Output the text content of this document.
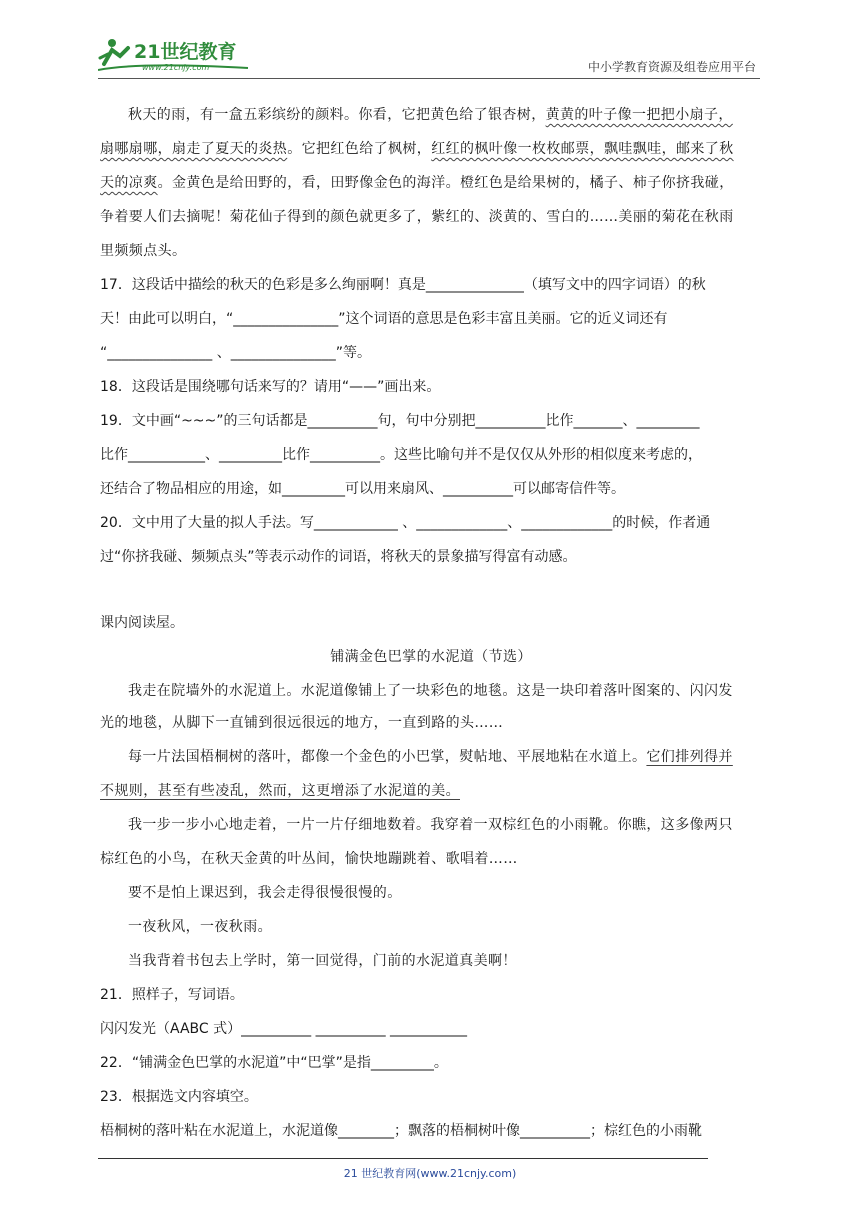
21世纪教育
www.21cnjy.com	中小学教育资源及组卷应用平台
秋天的雨，有一盒五彩缤纷的颜料。你看，它把黄色给了银杏树，黄黄的叶子像一把把小扇子，
扇哪扇哪，扇走了夏天的炎热。它把红色给了枫树，红红的枫叶像一枚枚邮票，飘哇飘哇，邮来了秋
天的凉爽。金黄色是给田野的，看，田野像金色的海洋。橙红色是给果树的，橘子、柿子你挤我碰，
争着要人们去摘呢！菊花仙子得到的颜色就更多了，紫红的、淡黄的、雪白的……美丽的菊花在秋雨
里频频点头。
17．这段话中描绘的秋天的色彩是多么绚丽啊！真是______________（填写文中的四字词语）的秋
天！由此可以明白，“_______________”这个词语的意思是色彩丰富且美丽。它的近义词还有
“_______________ 、_______________”等。
18．这段话是围绕哪句话来写的？请用“——”画出来。
19．文中画“~~~”的三句话都是__________句，句中分别把__________比作_______、_________
比作___________、_________比作__________。这些比喻句并不是仅仅从外形的相似度来考虑的，
还结合了物品相应的用途，如_________可以用来扇风、__________可以邮寄信件等。
20．文中用了大量的拟人手法。写____________ 、_____________、_____________的时候，作者通
过“你挤我碰、频频点头”等表示动作的词语，将秋天的景象描写得富有动感。
课内阅读屋。
铺满金色巴掌的水泥道（节选）
我走在院墙外的水泥道上。水泥道像铺上了一块彩色的地毯。这是一块印着落叶图案的、闪闪发
光的地毯，从脚下一直铺到很远很远的地方，一直到路的头……
每一片法国梧桐树的落叶，都像一个金色的小巴掌，熨帖地、平展地粘在水道上。它们排列得并
不规则，甚至有些凌乱，然而，这更增添了水泥道的美。
我一步一步小心地走着，一片一片仔细地数着。我穿着一双棕红色的小雨靴。你瞧，这多像两只
棕红色的小鸟，在秋天金黄的叶丛间，愉快地蹦跳着、歌唱着……
要不是怕上课迟到，我会走得很慢很慢的。
一夜秋风，一夜秋雨。
当我背着书包去上学时，第一回觉得，门前的水泥道真美啊！
21．照样子，写词语。
闪闪发光（AABC 式）__________ __________ ___________
22．“铺满金色巴掌的水泥道”中“巴掌”是指_________。
23．根据选文内容填空。
梧桐树的落叶粘在水泥道上，水泥道像________；飘落的梧桐树叶像__________；棕红色的小雨靴
21 世纪教育网(www.21cnjy.com)
